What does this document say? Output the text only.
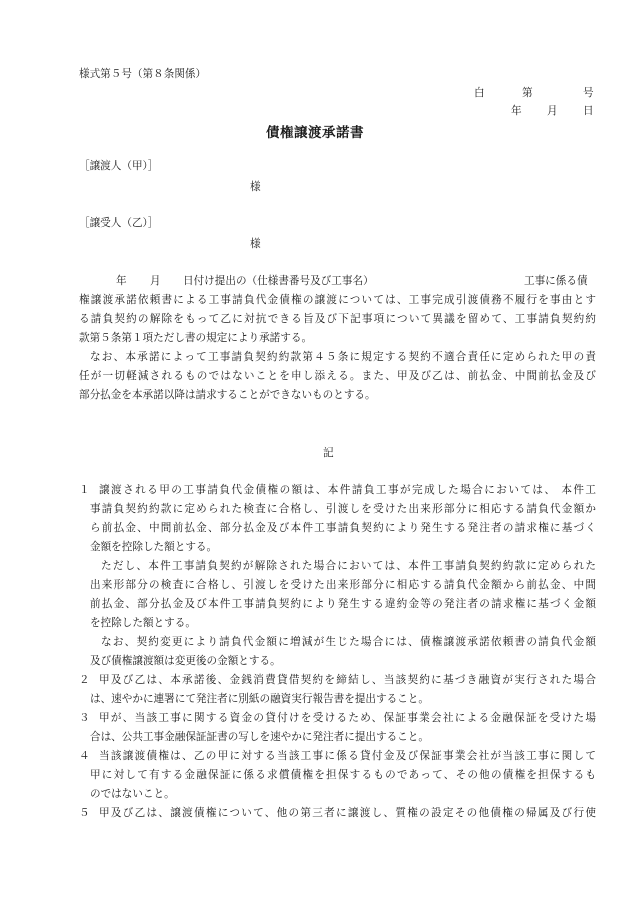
様式第５号（第８条関係）
白	第	号
年 月 日
債権譲渡承諾書
［譲渡人（甲）］
様
［譲受人（乙）］
様
年 月 日付け提出の（仕様書番号及び工事名）	工事に係る債
権譲渡承諾依頼書による工事請負代金債権の譲渡については、工事完成引渡債務不履行を事由とす
る請負契約の解除をもって乙に対抗できる旨及び下記事項について異議を留めて、工事請負契約約
款第５条第１項ただし書の規定により承諾する。
なお、本承諾によって工事請負契約約款第４５条に規定する契約不適合責任に定められた甲の責
任が一切軽減されるものではないことを申し添える。また、甲及び乙は、前払金、中間前払金及び
部分払金を本承諾以降は請求することができないものとする。
記
１ 譲渡される甲の工事請負代金債権の額は、本件請負工事が完成した場合においては、 本件工
事請負契約約款に定められた検査に合格し、引渡しを受けた出来形部分に相応する請負代金額か
ら前払金、中間前払金、部分払金及び本件工事請負契約により発生する発注者の請求権に基づく
金額を控除した額とする。
ただし、本件工事請負契約が解除された場合においては、本件工事請負契約約款に定められた
出来形部分の検査に合格し、引渡しを受けた出来形部分に相応する請負代金額から前払金、中間
前払金、部分払金及び本件工事請負契約により発生する違約金等の発注者の請求権に基づく金額
を控除した額とする。
なお、契約変更により請負代金額に増減が生じた場合には、債権譲渡承諾依頼書の請負代金額
及び債権譲渡額は変更後の金額とする。
２ 甲及び乙は、本承諾後、金銭消費貸借契約を締結し、当該契約に基づき融資が実行された場合
は、速やかに連署にて発注者に別紙の融資実行報告書を提出すること。
３ 甲が、当該工事に関する資金の貸付けを受けるため、保証事業会社による金融保証を受けた場
合は、公共工事金融保証証書の写しを速やかに発注者に提出すること。
４ 当該譲渡債権は、乙の甲に対する当該工事に係る貸付金及び保証事業会社が当該工事に関して
甲に対して有する金融保証に係る求償債権を担保するものであって、その他の債権を担保するも
のではないこと。
５ 甲及び乙は、譲渡債権について、他の第三者に譲渡し、質権の設定その他債権の帰属及び行使
